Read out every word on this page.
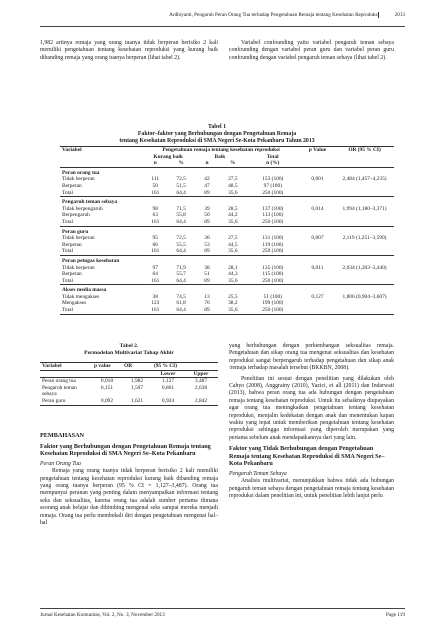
Ardhiyanti, Pengaruh Peran Orang Tua terhadap Pengetahuan Remaja tentang Kesehatan Reproduksi	2013

1,982 artinya remaja yang orang tuanya tidak berperan berisiko 2 kali memiliki pengetahuan tentang kesehatan reproduksi yang kurang baik dibanding remaja yang orang tuanya berperan (lihat tabel 2).

Variabel confounding yaitu variabel pengaruh teman sebaya confounding dengan variabel peran guru dan variabel peran guru confounding dengan variabel pengaruh teman sebaya (lihat tabel 2).

Tabel 1
Faktor–faktor yang Berhubungan dengan Pengetahuan Remaja
tentang Kesehatan Reproduksi di SMA Negeri Se-Kota Pekanbaru Tahun 2013
Variabel	Pengetahuan remaja tentang kesehatan reproduksi					p Value	OR (95 % CI)
	Kurang baik		Baik		Total		
	n	%	n	%	n (%)		
Peran orang tua							
Tidak berperan	111	72,5	42	27,5	153 (100)	0,001	2,484 (1,457–4,235)
Berperan	50	51,5	47	48,5	97 (100)		
Total	161	64,4	89	35,6	250 (100)		
Pengaruh teman sebaya							
Tidak berpengaruh	98	71,5	39	28,5	137 (100)	0,014	1,994 (1,180–3,371)
Berpengaruh	63	55,8	50	44,2	113 (100)		
Total	161	64,4	89	35,6	250 (100)		
Peran guru							
Tidak berperan	95	72,5	36	27,5	131 (100)	0,007	2,119 (1,251–3,590)
Berperan	66	55,5	53	44,5	119 (100)		
Total	161	64,4	89	35,6	250 (100)		
Peran petugas kesehatan							
Tidak berperan	97	71,9	38	28,1	135 (100)	0,011	2,034 (1,203–3,440)
Berperan	64	55,7	51	44,3	115 (100)		
Total	161	64,4	89	35,6	250 (100)		
Akses media massa							
Tidak mengakses	38	74,5	13	25,5	51 (100)	0,127	1,806 (0,904–3,607)
Mengakses	123	61,8	76	38,2	199 (100)		
Total	161	64,4	89	35,6	250 (100)		
Tabel 2.
Permodelan Multivariat Tahap Akhir
Variabel	p value	OR	(95 % CI)	
			Lower	Upper
Peran orang tua	0,018	1,982	1,127	3,487
Pengaruh teman sebaya	0,151	1,507	0,861	2,638
Peran guru	0,092	1,621	0,924	2,842
PEMBAHASAN
Faktor yang Berhubungan dengan Pengetahuan Remaja tentang Kesehatan Reproduksi di SMA Negeri Se–Kota Pekanbaru

Peran Orang Tua

Remaja yang orang tuanya tidak berperan berisiko 2 kali memiliki pengetahuan tentang kesehatan reproduksi kurang baik dibanding remaja yang orang tuanya berperan (95 % CI = 1,127–3,487). Orang tua mempunyai peranan yang penting dalam menyampaikan informasi tentang seks dan seksualitas, karena orang tua adalah sumber pertama dimana seorang anak belajar dan dibimbing mengenal seks sampai mereka menjadi remaja. Orang tua perlu membekali diri dengan pengetahuan mengenai hal–hal

yang berhubungan dengan perkembangan seksualitas remaja. Pengetahuan dan sikap orang tua mengenai seksualitas dan kesehatan reproduksi sangat berpengaruh terhadap pengetahuan dan sikap anak /remaja terhadap masalah tersebut (BKKBN, 2008).

Penelitian ini sesuai dengan penelitian yang dilakukan oleh Cahyo (2008), Anggrainy (2010), Yazici, et all (2011) dan Indarwati (2013), bahwa peran orang tua ada hubungan dengan pengetahuan remaja tentang kesehatan reproduksi. Untuk itu sebaiknya diupayakan agar orang tua meningkatkan pengetahuan tentang kesehatan reproduksi, menjalin kedekatan dengan anak dan menentukan kapan waktu yang tepat untuk memberikan pengetahuan tentang kesehatan reproduksi sehingga informasi yang diperoleh merupakan yang pertama sebelum anak mendapatkannya dari yang lain.

Faktor yang Tidak Berhubungan dengan Pengetahuan Remaja tentang Kesehatan Reproduksi di SMA Negeri Se–Kota Pekanbaru

Pengaruh Teman Sebaya

Analisis multivariat, menunjukkan bahwa tidak ada hubungan pengaruh teman sebaya dengan pengetahuan remaja tentang kesehatan reproduksi dalam penelitian ini, untuk penelitian lebih lanjut perlu

Jurnal Kesehatan Komunitas, Vol. 2, No. 3, November 2013	Page 119
